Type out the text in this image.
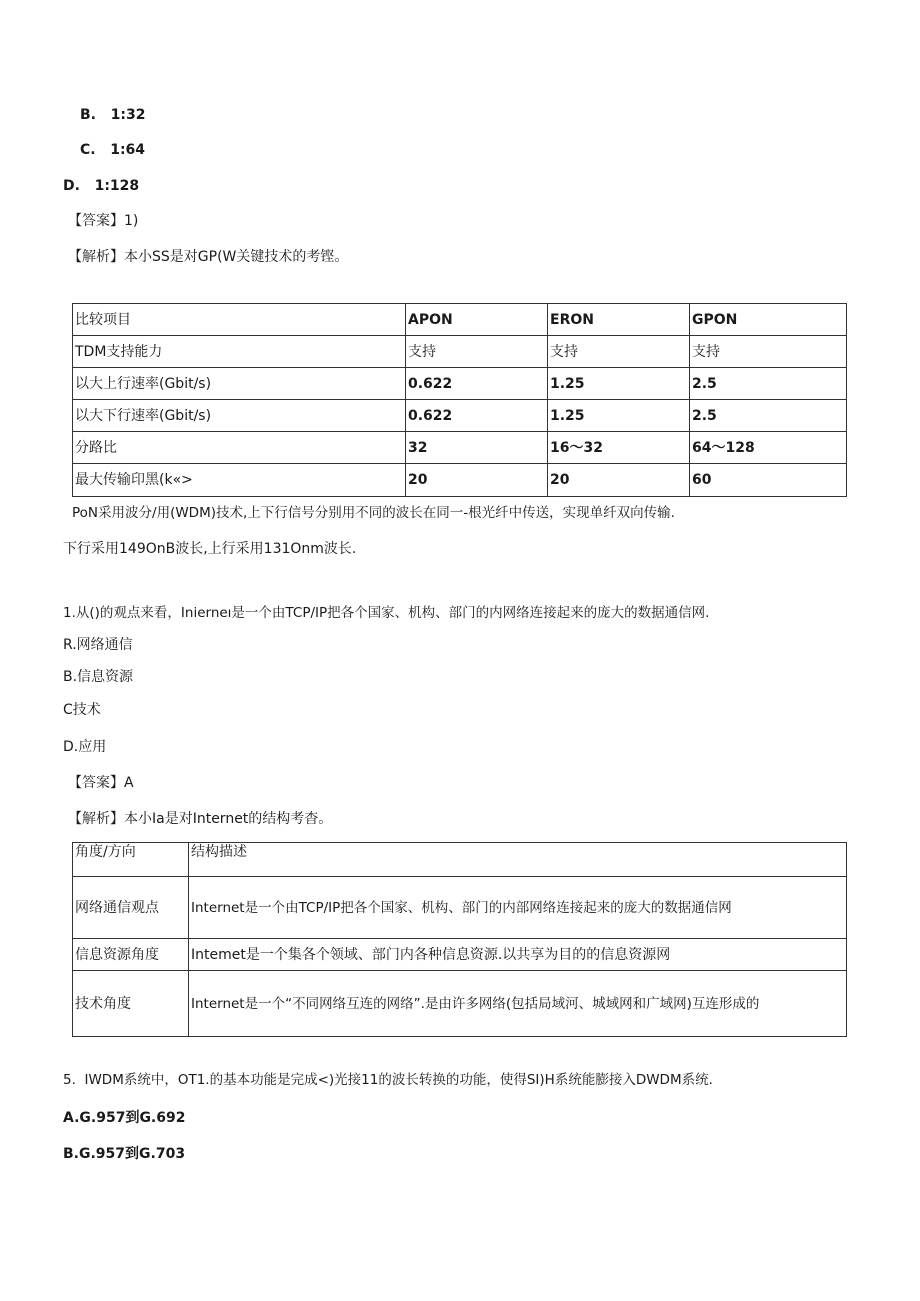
B. 1:32
C. 1:64
D. 1:128
【答案】1)
【解析】本小SS是对GP(W关键技术的考铿。
比较项目	APON	ERON	GPON
TDM支持能力	支持	支持	支持
以大上行速率(Gbit/s)	0.622	1.25	2.5
以大下行速率(Gbit/s)	0.622	1.25	2.5
分路比	32	16〜32	64〜128
最大传输印黑(k«>	20	20	60
PoN采用波分/用(WDM)技术,上下行信号分别用不同的波长在同一-根光纤中传送，实现单纤双向传输.
下行采用149OnB波长,上行采用131Onm波长.
1.从()的观点来看，Inierneı是一个由TCP/IP把各个国家、机构、部门的内网络连接起来的庞大的数据通信网.
R.网络通信
B.信息资源
C技术
D.应用
【答案】A
【解析】本小Ia是对Internet的结构考杳。
角度/方向	结构描述
网络通信观点	Internet是一个由TCP/IP把各个国家、机构、部门的内部网络连接起来的庞大的数据通信网
信息资源角度	Intemet是一个集各个领域、部门内各种信息资源.以共享为目的的信息资源网
技术角度	Internet是一个“不同网络互连的网络”.是由许多网络(包括局域河、城域网和广域网)互连形成的
5.  IWDM系统中，OT1.的基本功能是完成<)光接11的波长转换的功能，使得SI)H系统能膨接入DWDM系统.
A.G.957到G.692
B.G.957到G.703
